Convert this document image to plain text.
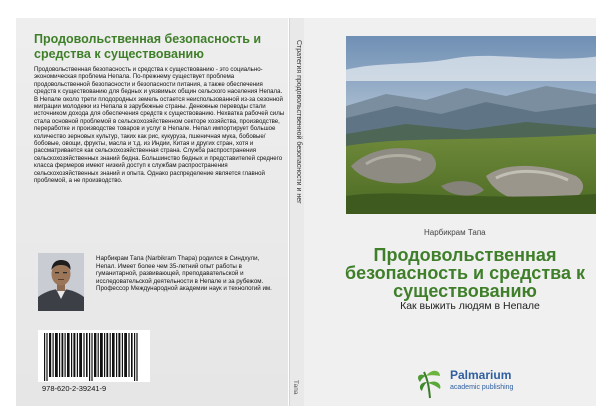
Продовольственная безопасность и средства к существованию
Продовольственная безопасность и средства к существованию - это социально-экономическая проблема Непала. По-прежнему существует проблема продовольственной безопасности и безопасности питания, а также обеспечения средств к существованию для бедных и уязвимых общин сельского населения Непала. В Непале около трети плодородных земель остается неиспользованной из-за сезонной миграции молодежи из Непала в зарубежные страны. Денежные переводы стали источником дохода для обеспечения средств к существованию. Нехватка рабочей силы стала основной проблемой в сельскохозяйственном секторе хозяйства, производстве, переработке и производстве товаров и услуг в Непале. Непал импортирует большое количество зерновых культур, таких как рис, кукуруза, пшеничная мука, бобовые/бобовые, овощи, фрукты, масла и т.д. из Индии, Китая и других стран, хотя и рассматривается как сельскохозяйственная страна. Служба распространения сельскохозяйственных знаний бедна. Большинство бедных и представителей среднего класса фермеров имеют низкий доступ к службам распространения сельскохозяйственных знаний и опыта. Однако распределение является главной проблемой, а не производство.
Нарбикрам Тапа (Narbikram Thapa) родился в Синдхули, Непал. Имеет более чем 35-летний опыт работы в гуманитарной, развивающей, преподавательской и исследовательской деятельности в Непале и за рубежом. Профессор Международной академии наук и технологий им.
978-620-2-39241-9
Стратегия продовольственной безопасности и нег
Тапа
Нарбикрам Тапа
Продовольственная безопасность и средства к существованию
Как выжить людям в Непале
Palmarium
academic publishing
